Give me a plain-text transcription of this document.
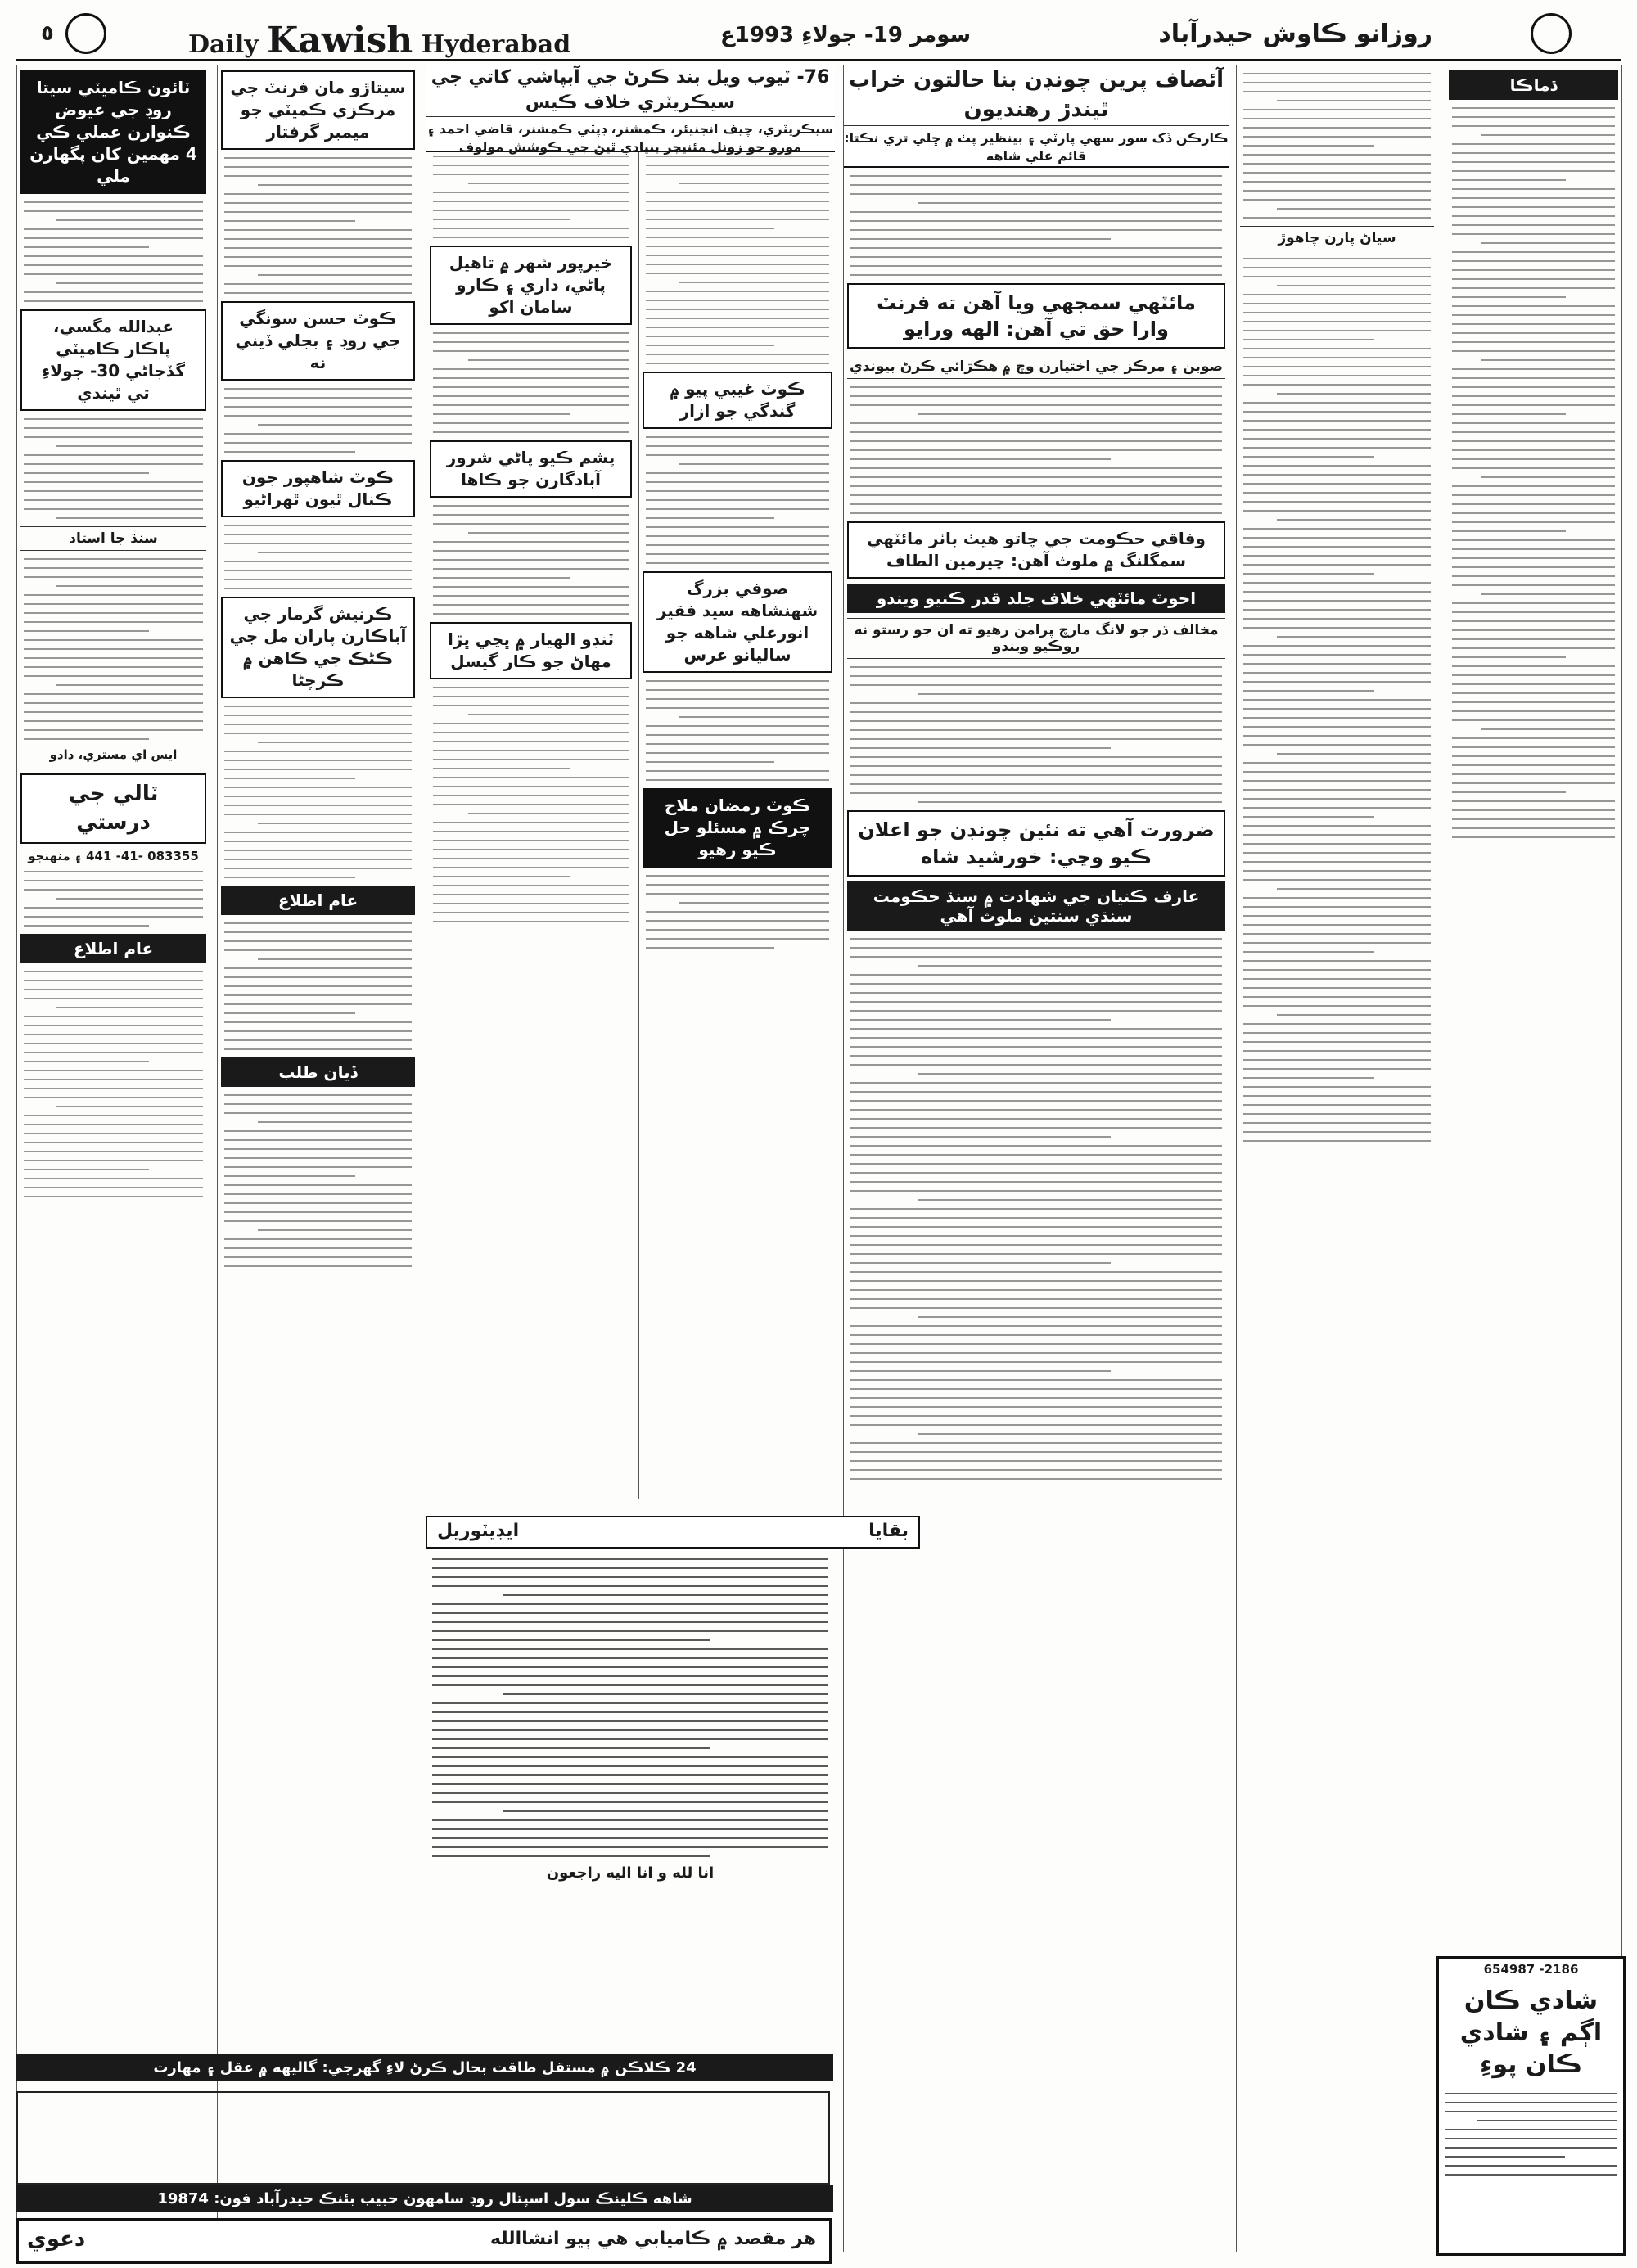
٥	Daily Kawish Hyderabad	سومر 19- جولاءِ 1993ع	روزانو ڪاوش حيدرآباد
ٽائون ڪاميٽي سيتا روڊ جي عيوض ڪنوارن عملي ڪي 4 مهمين کان پگهارن ملي
عبدالله مگسي، پاڪار ڪاميٽي گڏجاڻي 30- جولاءِ تي ٿيندي
سنڌ جا استاد
ايس اي مستري، دادو
ٽالي جي درستي
083355 -41- 441 ۽ منهنجو
عام اطلاع
سيتاڙو مان فرنٽ جي مرڪزي ڪميٽي جو ميمبر گرفتار
ڪوٽ حسن سونگي جي روڊ ۽ بجلي ڏيني نه
ڪوٽ شاهپور جون ڪنال ٿيون ٿهراڻيو
ڪرنيش گرمار جي آباڪارن پاران مل جي ڪڻڪ جي ڪاهن ۾ ڪرچڻا
عام اطلاع
ڏيان طلب
خيرپور شهر ۾ تاهيل پاڻي، داري ۽ ڪارو سامان اکو
پشم ڪيو پاڻي شرور آبادگارن جو ڪاها
ٽنڊو الهيار ۾ ڀڃي ڀڙا مهاڻ جو ڪار گيسل
ڪوٽ غيبي پيو ۾ گندگي جو ازار
صوفي بزرگ شهنشاهه سيد فقير انورعلي شاهه جو ساليانو عرس
ڪوٽ رمضان ملاح چرڪ ۾ مسئلو حل ڪيو رهيو
76- ٽيوب ويل بند ڪرڻ جي آبپاشي کاتي جي سيڪريٽري خلاف ڪيس
سيڪريٽري، چيف انجنيئر، ڪمشنر، ڊپٽي ڪمشنر، قاضي احمد ۽ مورو جو زونل مئنيجر بنيادي ٿيڻ جي ڪوشش مولوف
آئصاف پرين چونڊن بنا حالتون خراب ٿيندڙ رهنديون
ڪارڪن ڏک سور سهي پارٽي ۽ بينظير پٺ ۾ ڇلي تري نڪتا: قائم علي شاهه
مائٽهي سمجهي ويا آهن ته فرنٽ وارا حق تي آهن: الهه ورايو
صوبن ۽ مرڪز جي اختيارن وچ ۾ هڪڙائي ڪرڻ بيوندي
وفاقي حڪومت جي چاتو هيٺ باٺر مائٽهي سمگلنگ ۾ ملوث آهن: چيرمين الطاف
احوٽ مائٽهي خلاف جلد قدر ڪنيو ويندو
مخالف ڌر جو لانگ مارچ پرامن رهيو ته ان جو رستو نه روڪيو ويندو
ضرورت آهي ته نئين چونڊن جو اعلان ڪيو وڃي: خورشيد شاه
عارف ڪنيان جي شهادت ۾ سنڌ حڪومت سنڌي سنتين ملوث آهي
سياڻ پارن چاهوڙ
ڌماڪا
2186- 654987
شادي ڪان اڳم ۽ شادي ڪان پوءِ
ايڊيٽوريل	بقايا
انا لله و انا اليه راجعون
24 ڪلاڪن ۾ مستقل طاقت بحال ڪرڻ لاءِ گهرجي: گاليهه ۾ عقل ۽ مهارت
شاهه ڪلينڪ سول اسپتال روڊ سامهون حبيب بئنڪ حيدرآباد فون: 19874
دعوي	هر مقصد ۾ ڪاميابي هي ٻيو انشاالله
